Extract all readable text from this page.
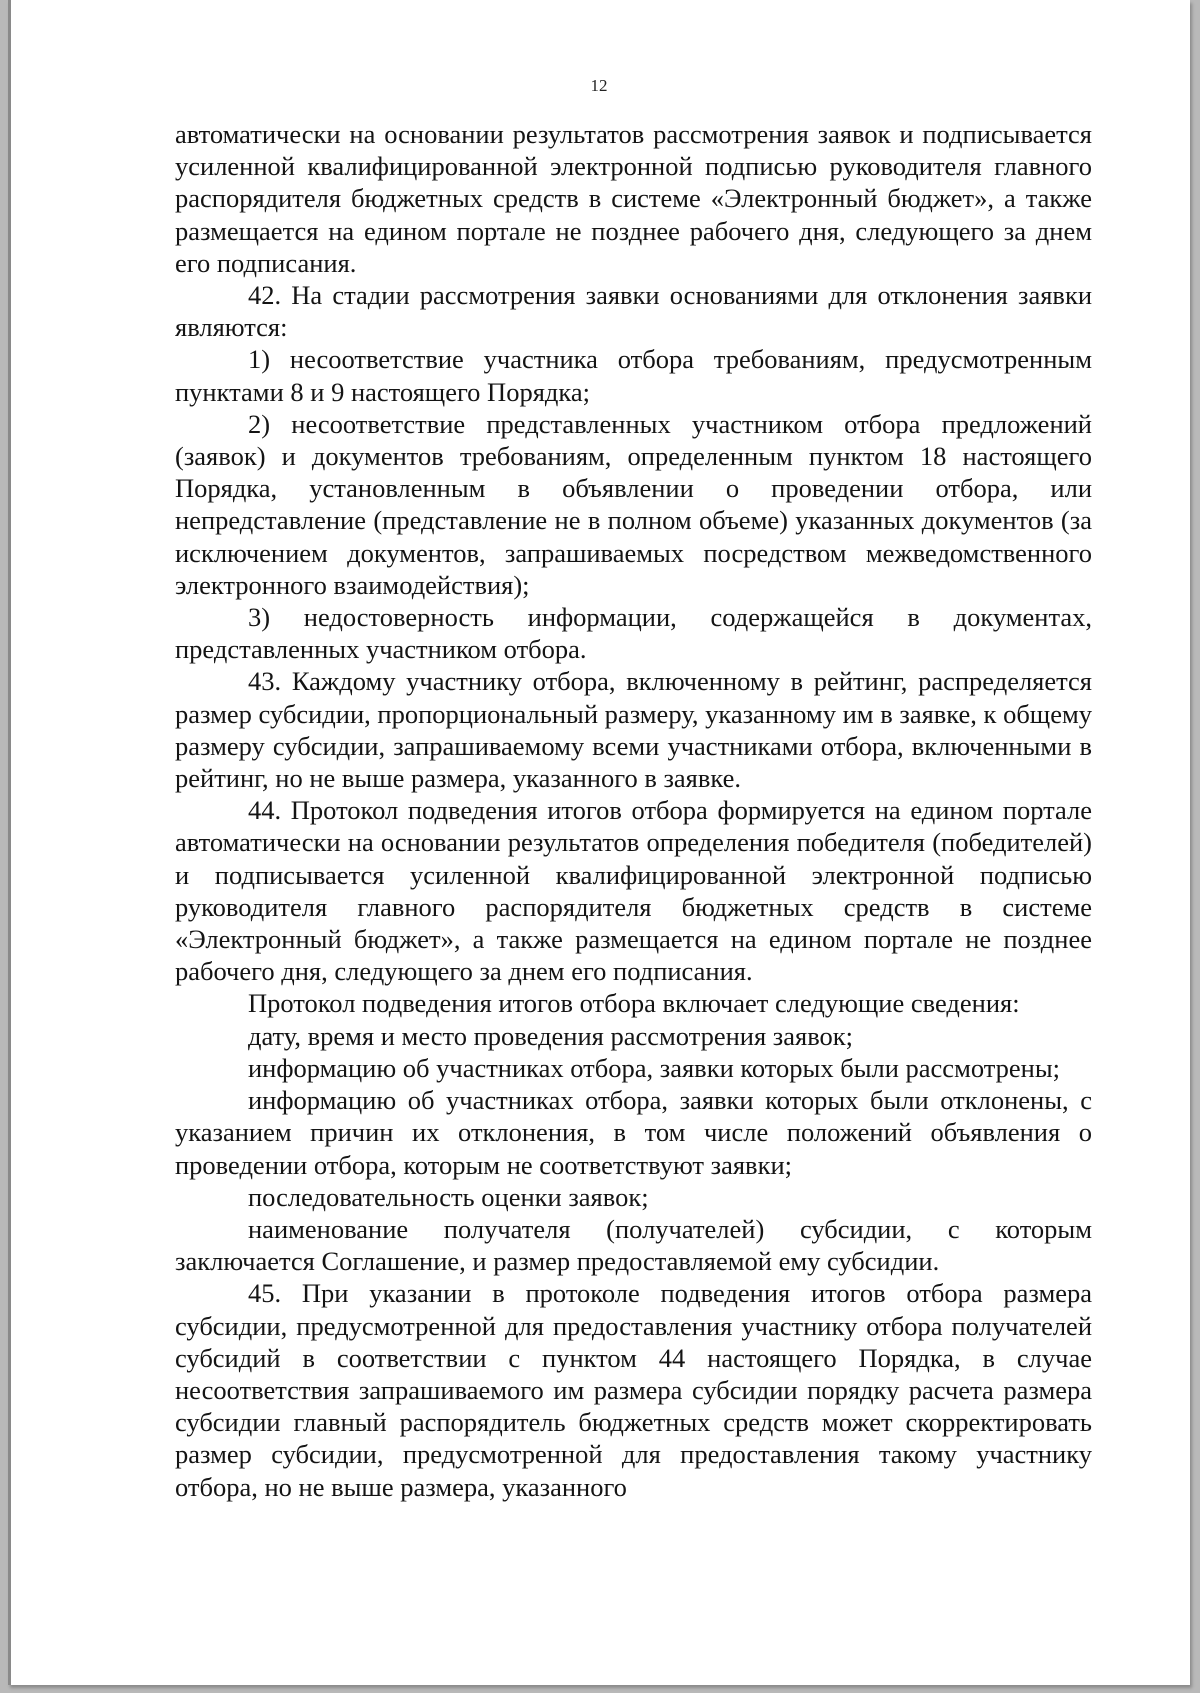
12

автоматически на основании результатов рассмотрения заявок и подписывается усиленной квалифицированной электронной подписью руководителя главного распорядителя бюджетных средств в системе «Электронный бюджет», а также размещается на едином портале не позднее рабочего дня, следующего за днем его подписания.

42. На стадии рассмотрения заявки основаниями для отклонения заявки являются:

1) несоответствие участника отбора требованиям, предусмотренным пунктами 8 и 9 настоящего Порядка;

2) несоответствие представленных участником отбора предложений (заявок) и документов требованиям, определенным пунктом 18 настоящего Порядка, установленным в объявлении о проведении отбора, или непредставление (представление не в полном объеме) указанных документов (за исключением документов, запрашиваемых посредством межведомственного электронного взаимодействия);

3) недостоверность информации, содержащейся в документах, представленных участником отбора.

43. Каждому участнику отбора, включенному в рейтинг, распределяется размер субсидии, пропорциональный размеру, указанному им в заявке, к общему размеру субсидии, запрашиваемому всеми участниками отбора, включенными в рейтинг, но не выше размера, указанного в заявке.

44. Протокол подведения итогов отбора формируется на едином портале автоматически на основании результатов определения победителя (победителей) и подписывается усиленной квалифицированной электронной подписью руководителя главного распорядителя бюджетных средств в системе «Электронный бюджет», а также размещается на едином портале не позднее рабочего дня, следующего за днем его подписания.

Протокол подведения итогов отбора включает следующие сведения:

дату, время и место проведения рассмотрения заявок;

информацию об участниках отбора, заявки которых были рассмотрены;

информацию об участниках отбора, заявки которых были отклонены, с указанием причин их отклонения, в том числе положений объявления о проведении отбора, которым не соответствуют заявки;

последовательность оценки заявок;

наименование получателя (получателей) субсидии, с которым заключается Соглашение, и размер предоставляемой ему субсидии.

45. При указании в протоколе подведения итогов отбора размера субсидии, предусмотренной для предоставления участнику отбора получателей субсидий в соответствии с пунктом 44 настоящего Порядка, в случае несоответствия запрашиваемого им размера субсидии порядку расчета размера субсидии главный распорядитель бюджетных средств может скорректировать размер субсидии, предусмотренной для предоставления такому участнику отбора, но не выше размера, указанного
